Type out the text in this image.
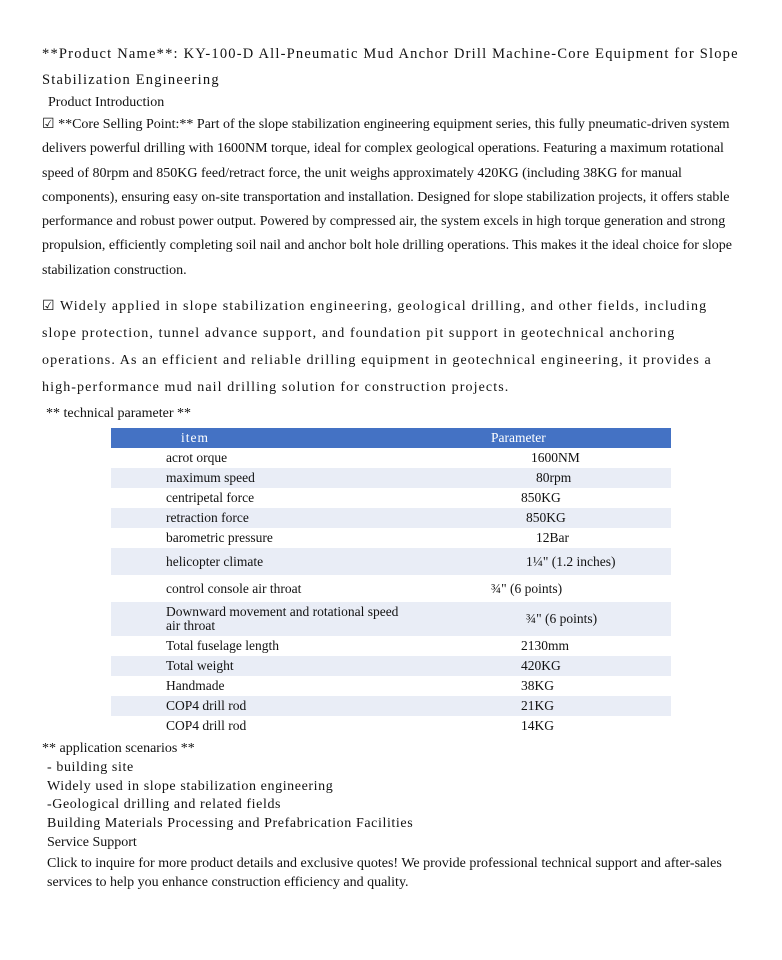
**Product Name**: KY-100-D All-Pneumatic Mud Anchor Drill Machine-Core Equipment for Slope Stabilization Engineering
Product Introduction
☑ **Core Selling Point:** Part of the slope stabilization engineering equipment series, this fully pneumatic-driven system delivers powerful drilling with 1600NM torque, ideal for complex geological operations. Featuring a maximum rotational speed of 80rpm and 850KG feed/retract force, the unit weighs approximately 420KG (including 38KG for manual components), ensuring easy on-site transportation and installation. Designed for slope stabilization projects, it offers stable performance and robust power output. Powered by compressed air, the system excels in high torque generation and strong propulsion, efficiently completing soil nail and anchor bolt hole drilling operations. This makes it the ideal choice for slope stabilization construction.
☑ Widely applied in slope stabilization engineering, geological drilling, and other fields, including slope protection, tunnel advance support, and foundation pit support in geotechnical anchoring operations. As an efficient and reliable drilling equipment in geotechnical engineering, it provides a high-performance mud nail drilling solution for construction projects.
** technical parameter **
item	Parameter
acrot orque	1600NM
maximum speed	80rpm
centripetal force	850KG
retraction force	850KG
barometric pressure	12Bar
helicopter climate	1¼" (1.2 inches)
control console air throat	¾" (6 points)
Downward movement and rotational speed air throat	¾" (6 points)
Total fuselage length	2130mm
Total weight	420KG
Handmade	38KG
COP4 drill rod	21KG
COP4 drill rod	14KG
** application scenarios **
- building site
Widely used in slope stabilization engineering
-Geological drilling and related fields
Building Materials Processing and Prefabrication Facilities
Service Support
Click to inquire for more product details and exclusive quotes! We provide professional technical support and after-sales services to help you enhance construction efficiency and quality.
